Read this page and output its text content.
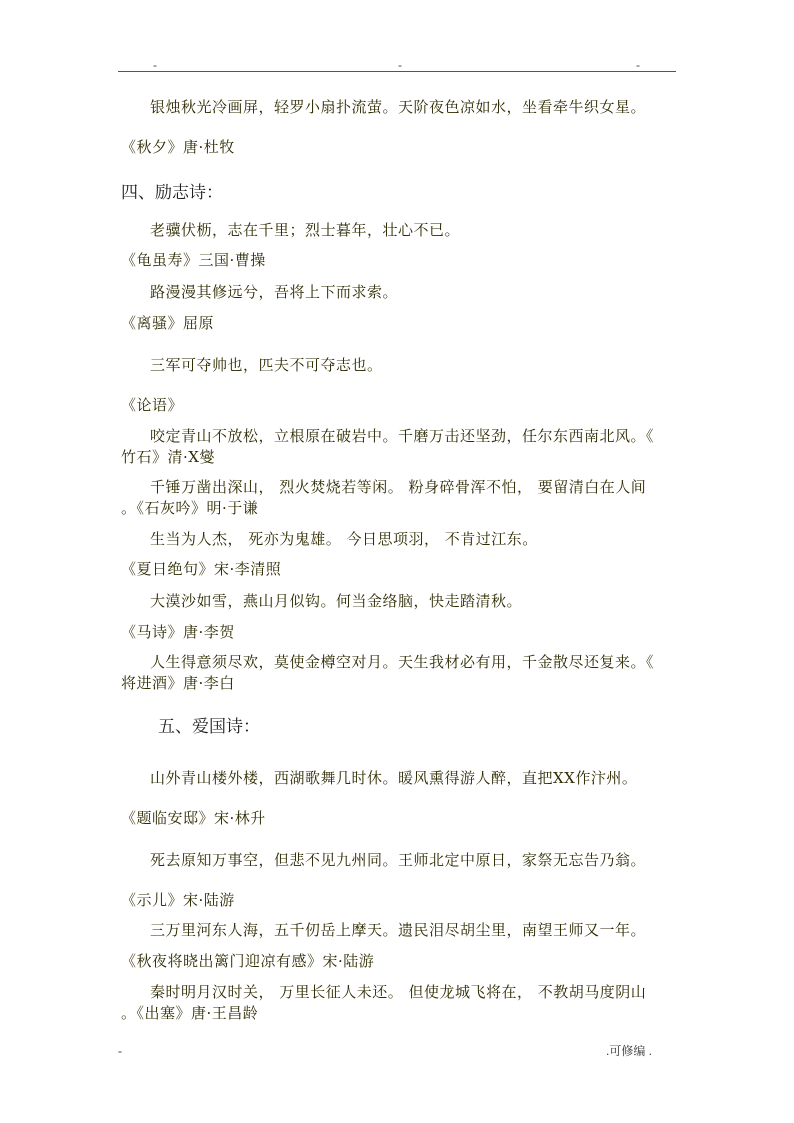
-	-	-
银烛秋光冷画屏，轻罗小扇扑流萤。天阶夜色凉如水，坐看牵牛织女星。
《秋夕》唐·杜牧
四、励志诗：
老骥伏枥，志在千里；烈士暮年，壮心不已。
《龟虽寿》三国·曹操
路漫漫其修远兮，吾将上下而求索。
《离骚》屈原
三军可夺帅也，匹夫不可夺志也。
《论语》
咬定青山不放松，立根原在破岩中。千磨万击还坚劲，任尔东西南北风。《
竹石》清·X燮
千锤万凿出深山， 烈火焚烧若等闲。 粉身碎骨浑不怕， 要留清白在人间
。《石灰吟》明·于谦
生当为人杰， 死亦为鬼雄。 今日思项羽， 不肯过江东。
《夏日绝句》宋·李清照
大漠沙如雪，燕山月似钩。何当金络脑，快走踏清秋。
《马诗》唐·李贺
人生得意须尽欢，莫使金樽空对月。天生我材必有用，千金散尽还复来。《
将进酒》唐·李白
五、爱国诗：
山外青山楼外楼，西湖歌舞几时休。暖风熏得游人醉，直把XX作汴州。
《题临安邸》宋·林升
死去原知万事空，但悲不见九州同。王师北定中原日，家祭无忘告乃翁。
《示儿》宋·陆游
三万里河东人海，五千仞岳上摩天。遗民泪尽胡尘里，南望王师又一年。
《秋夜将晓出篱门迎凉有感》宋·陆游
秦时明月汉时关， 万里长征人未还。 但使龙城飞将在， 不教胡马度阴山
。《出塞》唐·王昌龄
-	.可修编 .
